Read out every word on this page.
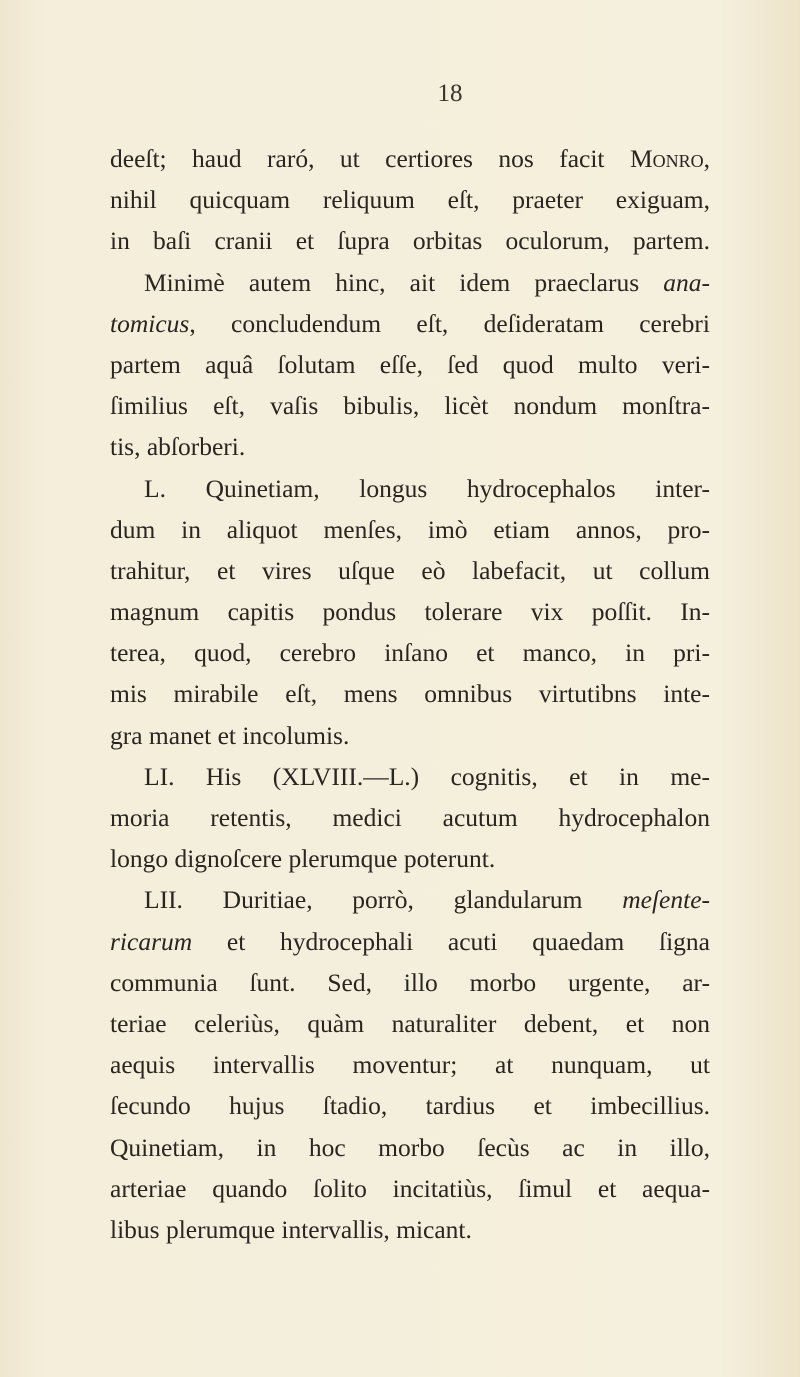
18
deeſt; haud raró, ut certiores nos facit Monro,
nihil quicquam reliquum eſt, praeter exiguam,
in baſi cranii et ſupra orbitas oculorum, partem.
Minimè autem hinc, ait idem praeclarus ana-
tomicus, concludendum eſt, deſideratam cerebri
partem aquâ ſolutam eſſe, ſed quod multo veri-
ſimilius eſt, vaſis bibulis, licèt nondum monſtra-
tis, abſorberi.
L. Quinetiam, longus hydrocephalos inter-
dum in aliquot menſes, imò etiam annos, pro-
trahitur, et vires uſque eò labefacit, ut collum
magnum capitis pondus tolerare vix poſſit. In-
terea, quod, cerebro inſano et manco, in pri-
mis mirabile eſt, mens omnibus virtutibns inte-
gra manet et incolumis.
LI. His (XLVIII.—L.) cognitis, et in me-
moria retentis, medici acutum hydrocephalon
longo dignoſcere plerumque poterunt.
LII. Duritiae, porrò, glandularum meſente-
ricarum et hydrocephali acuti quaedam ſigna
communia ſunt. Sed, illo morbo urgente, ar-
teriae celeriùs, quàm naturaliter debent, et non
aequis intervallis moventur; at nunquam, ut
ſecundo hujus ſtadio, tardius et imbecillius.
Quinetiam, in hoc morbo ſecùs ac in illo,
arteriae quando ſolito incitatiùs, ſimul et aequa-
libus plerumque intervallis, micant.
